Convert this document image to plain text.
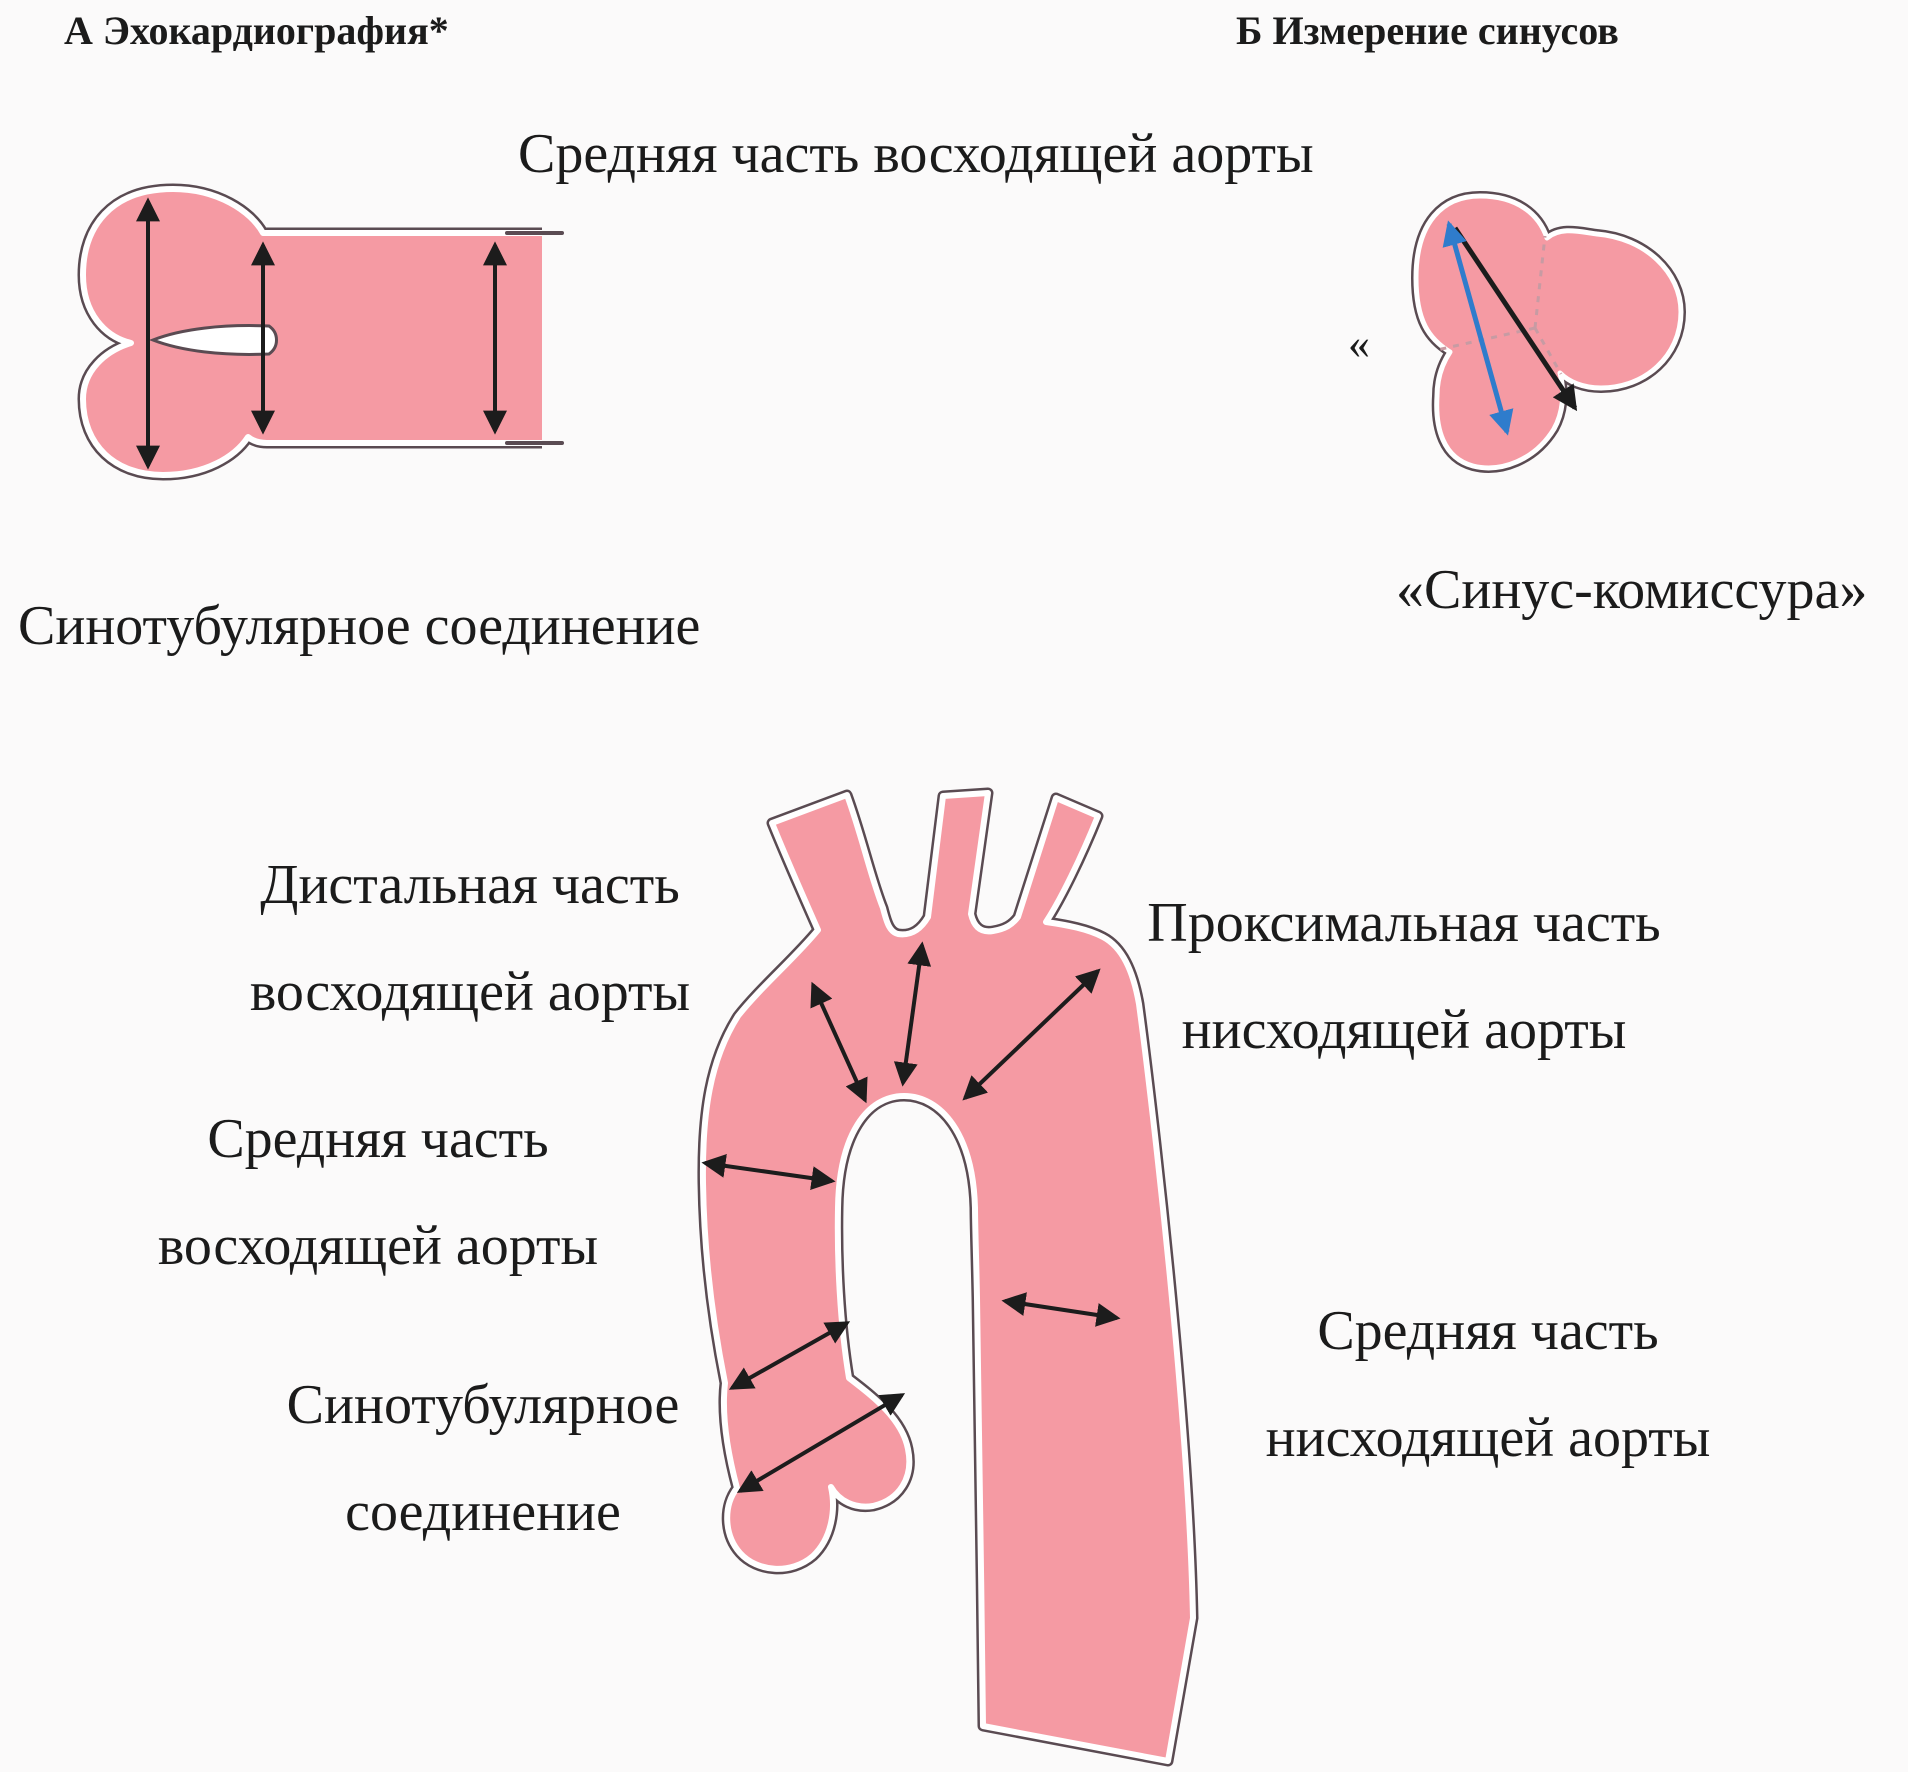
А Эхокардиография*	Б Измерение синусов
Средняя часть восходящей аорты
Синотубулярное соединение
«Синус-комиссура»
«
Дистальная часть
восходящей аорты
Средняя часть
восходящей аорты
Синотубулярное
соединение
Проксимальная часть
нисходящей аорты
Средняя часть
нисходящей аорты
